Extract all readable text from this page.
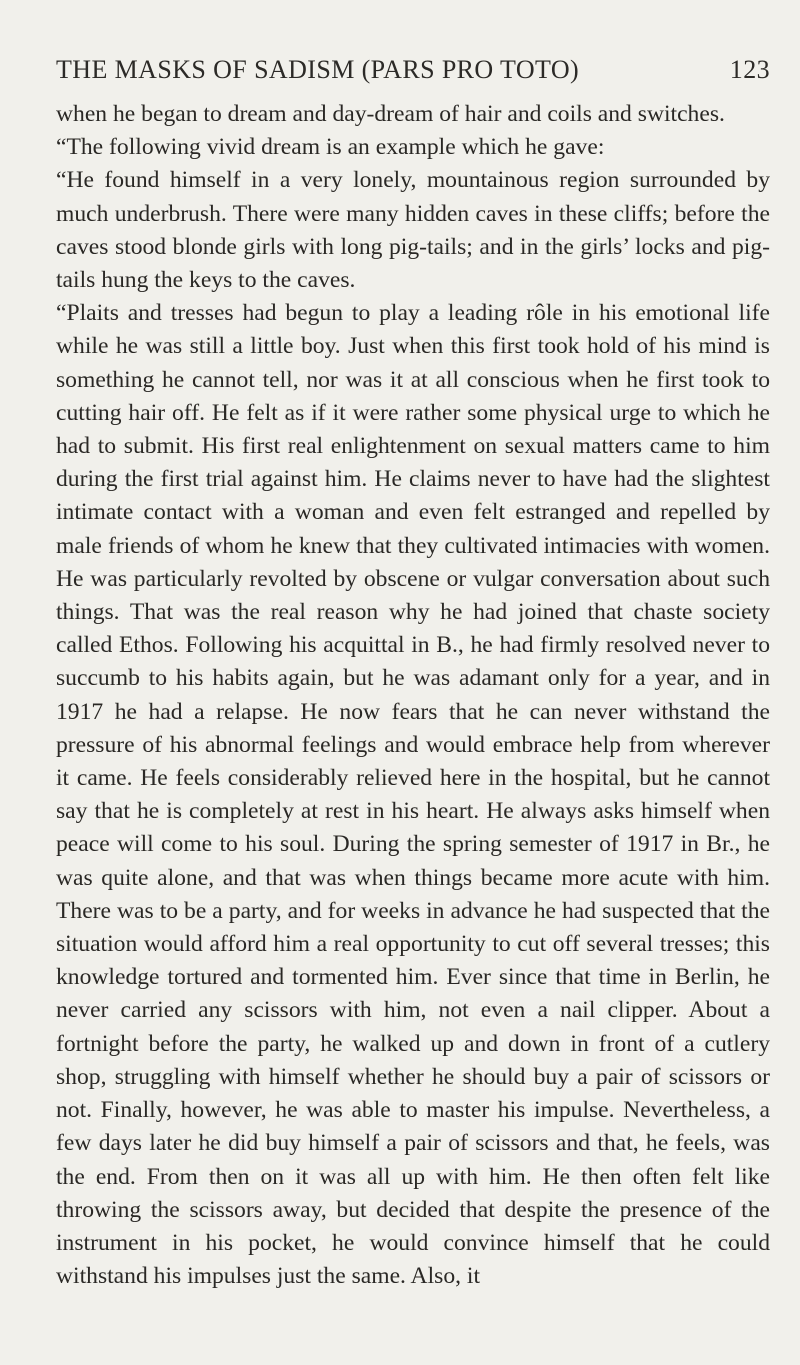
THE MASKS OF SADISM (PARS PRO TOTO)	123

when he began to dream and day-dream of hair and coils and switches.

“The following vivid dream is an example which he gave:

“He found himself in a very lonely, mountainous region surrounded by much underbrush. There were many hidden caves in these cliffs; before the caves stood blonde girls with long pig-tails; and in the girls’ locks and pig-tails hung the keys to the caves.

“Plaits and tresses had begun to play a leading rôle in his emotional life while he was still a little boy. Just when this first took hold of his mind is something he cannot tell, nor was it at all conscious when he first took to cutting hair off. He felt as if it were rather some physical urge to which he had to submit. His first real enlightenment on sexual matters came to him during the first trial against him. He claims never to have had the slightest intimate contact with a woman and even felt estranged and repelled by male friends of whom he knew that they cultivated intimacies with women. He was particularly revolted by obscene or vulgar conversation about such things. That was the real reason why he had joined that chaste society called Ethos. Following his acquittal in B., he had firmly resolved never to succumb to his habits again, but he was adamant only for a year, and in 1917 he had a relapse. He now fears that he can never withstand the pressure of his abnormal feelings and would embrace help from wherever it came. He feels considerably relieved here in the hospital, but he cannot say that he is completely at rest in his heart. He always asks himself when peace will come to his soul. During the spring semester of 1917 in Br., he was quite alone, and that was when things became more acute with him. There was to be a party, and for weeks in advance he had suspected that the situation would afford him a real opportunity to cut off several tresses; this knowledge tortured and tormented him. Ever since that time in Berlin, he never carried any scissors with him, not even a nail clipper. About a fortnight before the party, he walked up and down in front of a cutlery shop, struggling with himself whether he should buy a pair of scissors or not. Finally, however, he was able to master his impulse. Nevertheless, a few days later he did buy himself a pair of scissors and that, he feels, was the end. From then on it was all up with him. He then often felt like throwing the scissors away, but decided that despite the presence of the instrument in his pocket, he would convince himself that he could withstand his impulses just the same. Also, it
